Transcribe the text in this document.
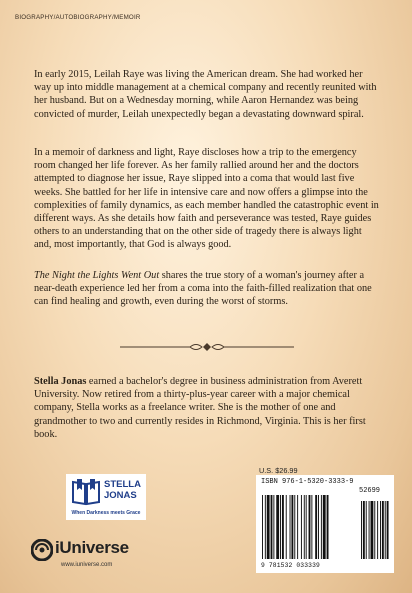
BIOGRAPHY/AUTOBIOGRAPHY/MEMOIR

In early 2015, Leilah Raye was living the American dream. She had worked her way up into middle management at a chemical company and recently reunited with her husband. But on a Wednesday morning, while Aaron Hernandez was being convicted of murder, Leilah unexpectedly began a devastating downward spiral.

In a memoir of darkness and light, Raye discloses how a trip to the emergency room changed her life forever. As her family rallied around her and the doctors attempted to diagnose her issue, Raye slipped into a coma that would last five weeks. She battled for her life in intensive care and now offers a glimpse into the complexities of family dynamics, as each member handled the catastrophic event in different ways. As she details how faith and perseverance was tested, Raye guides others to an understanding that on the other side of tragedy there is always light and, most importantly, that God is always good.

The Night the Lights Went Out shares the true story of a woman's journey after a near-death experience led her from a coma into the faith-filled realization that one can find healing and growth, even during the worst of storms.

Stella Jonas earned a bachelor's degree in business administration from Averett University. Now retired from a thirty-plus-year career with a major chemical company, Stella works as a freelance writer. She is the mother of one and grandmother to two and currently resides in Richmond, Virginia. This is her first book.

STELLA
JONAS
When Darkness meets Grace
iUniverse
www.iuniverse.com
U.S. $26.99
ISBN 976-1-5320-3333-9
52699
9 781532 033339
